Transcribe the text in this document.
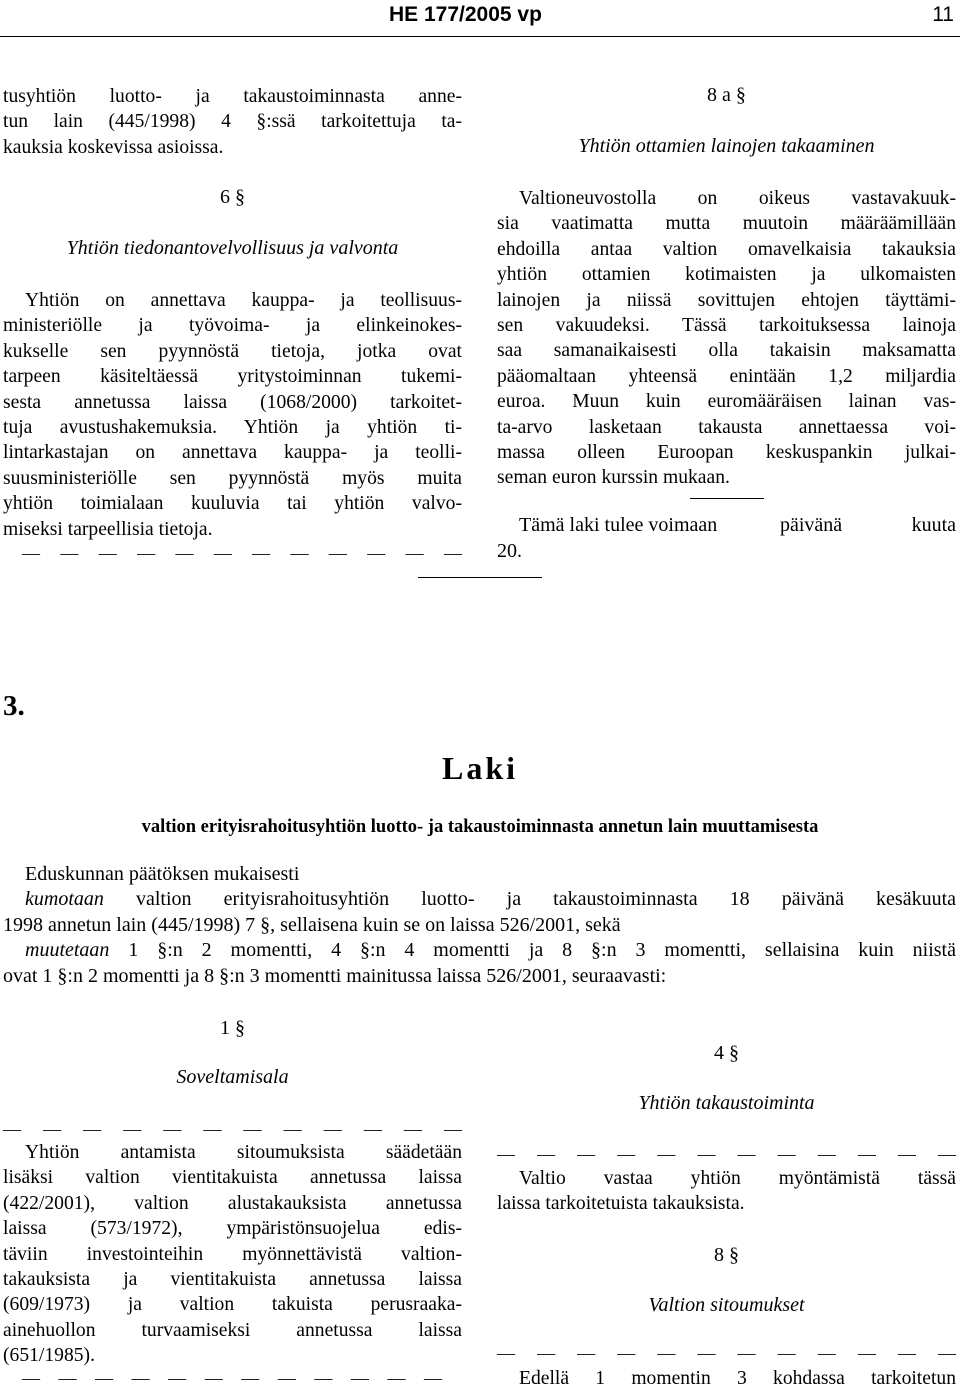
HE 177/2005 vp	11

tusyhtiön luotto- ja takaustoiminnasta anne-

tun lain (445/1998) 4 §:ssä tarkoitettuja ta-

kauksia koskevissa asioissa.

6 §
Yhtiön tiedonantovelvollisuus ja valvonta

Yhtiön on annettava kauppa- ja teollisuus-

ministeriölle ja työvoima- ja elinkeinokes-

kukselle sen pyynnöstä tietoja, jotka ovat

tarpeen käsiteltäessä yritystoiminnan tukemi-

sesta annetussa laissa (1068/2000) tarkoitet-

tuja avustushakemuksia. Yhtiön ja yhtiön ti-

lintarkastajan on annettava kauppa- ja teolli-

suusministeriölle sen pyynnöstä myös muita

yhtiön toimialaan kuuluvia tai yhtiön valvo-

miseksi tarpeellisia tietoja.

— — — — — — — — — — — —
8 a §
Yhtiön ottamien lainojen takaaminen

Valtioneuvostolla on oikeus vastavakuuk-

sia vaatimatta mutta muutoin määräämillään

ehdoilla antaa valtion omavelkaisia takauksia

yhtiön ottamien kotimaisten ja ulkomaisten

lainojen ja niissä sovittujen ehtojen täyttämi-

sen vakuudeksi. Tässä tarkoituksessa lainoja

saa samanaikaisesti olla takaisin maksamatta

pääomaltaan yhteensä enintään 1,2 miljardia

euroa. Muun kuin euromääräisen lainan vas-

ta-arvo lasketaan takausta annettaessa voi-

massa olleen Euroopan keskuspankin julkai-

seman euron kurssin mukaan.

Tämä laki tulee voimaan	päivänä	kuuta
20.
3.
Laki
valtion erityisrahoitusyhtiön luotto- ja takaustoiminnasta annetun lain muuttamisesta

Eduskunnan päätöksen mukaisesti

kumotaan valtion erityisrahoitusyhtiön luotto- ja takaustoiminnasta 18 päivänä kesäkuuta

1998 annetun lain (445/1998) 7 §, sellaisena kuin se on laissa 526/2001, sekä

muutetaan 1 §:n 2 momentti, 4 §:n 4 momentti ja 8 §:n 3 momentti, sellaisina kuin niistä

ovat 1 §:n 2 momentti ja 8 §:n 3 momentti mainitussa laissa 526/2001, seuraavasti:

1 §
Soveltamisala
— — — — — — — — — — — —

Yhtiön antamista sitoumuksista säädetään

lisäksi valtion vientitakuista annetussa laissa

(422/2001), valtion alustakauksista annetussa

laissa (573/1972), ympäristönsuojelua edis-

täviin investointeihin myönnettävistä valtion-

takauksista ja vientitakuista annetussa laissa

(609/1973) ja valtion takuista perusraaka-

ainehuollon turvaamiseksi annetussa laissa

(651/1985).

— — — — — — — — — — — —
4 §
Yhtiön takaustoiminta
— — — — — — — — — — — —

Valtio vastaa yhtiön myöntämistä tässä

laissa tarkoitetuista takauksista.

8 §
Valtion sitoumukset
— — — — — — — — — — — —

Edellä 1 momentin 3 kohdassa tarkoitetun
